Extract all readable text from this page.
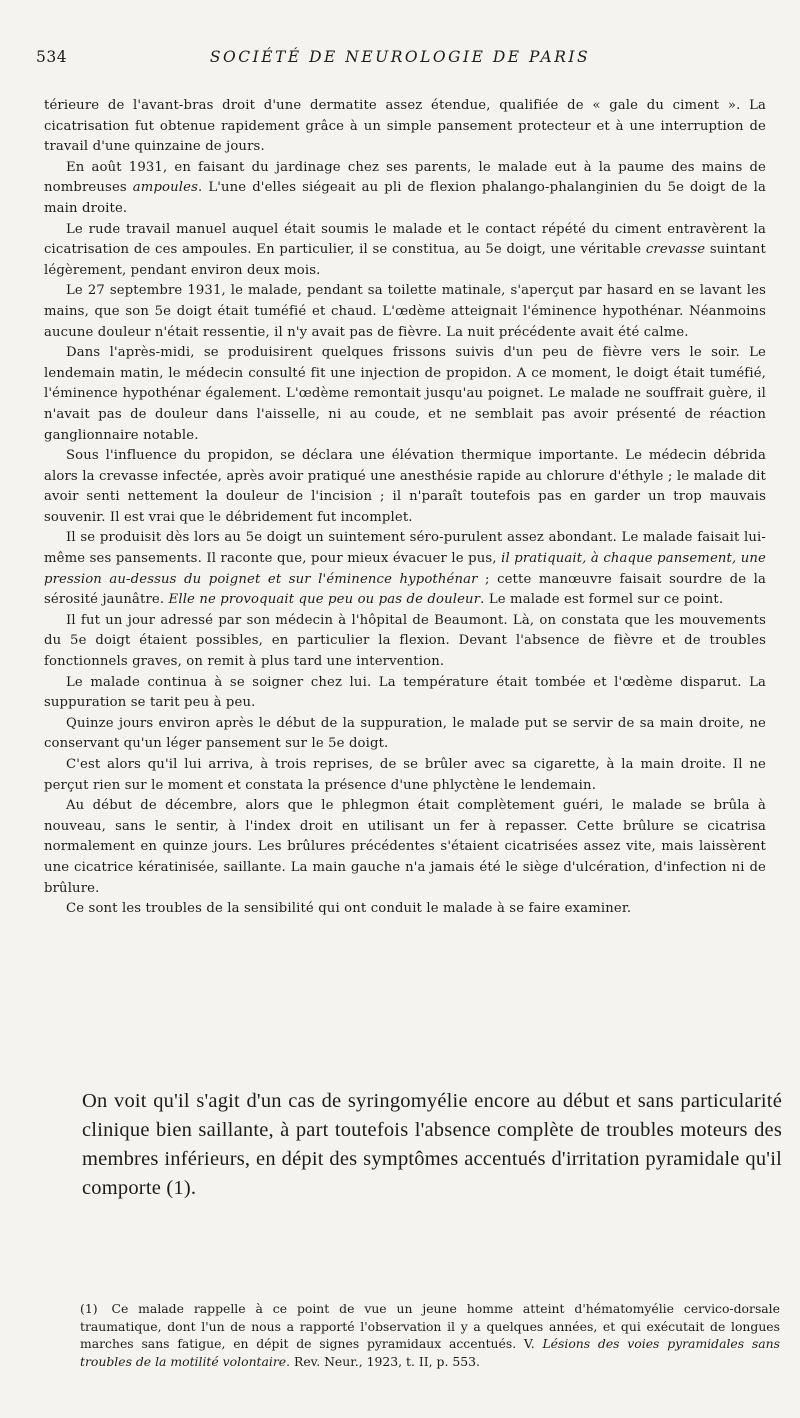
534	SOCIÉTÉ DE NEUROLOGIE DE PARIS

térieure de l'avant-bras droit d'une dermatite assez étendue, qualifiée de « gale du ciment ». La cicatrisation fut obtenue rapidement grâce à un simple pansement protecteur et à une interruption de travail d'une quinzaine de jours.

En août 1931, en faisant du jardinage chez ses parents, le malade eut à la paume des mains de nombreuses ampoules. L'une d'elles siégeait au pli de flexion phalango-phalanginien du 5e doigt de la main droite.

Le rude travail manuel auquel était soumis le malade et le contact répété du ciment entravèrent la cicatrisation de ces ampoules. En particulier, il se constitua, au 5e doigt, une véritable crevasse suintant légèrement, pendant environ deux mois.

Le 27 septembre 1931, le malade, pendant sa toilette matinale, s'aperçut par hasard en se lavant les mains, que son 5e doigt était tuméfié et chaud. L'œdème atteignait l'éminence hypothénar. Néanmoins aucune douleur n'était ressentie, il n'y avait pas de fièvre. La nuit précédente avait été calme.

Dans l'après-midi, se produisirent quelques frissons suivis d'un peu de fièvre vers le soir. Le lendemain matin, le médecin consulté fit une injection de propidon. A ce moment, le doigt était tuméfié, l'éminence hypothénar également. L'œdème remontait jusqu'au poignet. Le malade ne souffrait guère, il n'avait pas de douleur dans l'aisselle, ni au coude, et ne semblait pas avoir présenté de réaction ganglionnaire notable.

Sous l'influence du propidon, se déclara une élévation thermique importante. Le médecin débrida alors la crevasse infectée, après avoir pratiqué une anesthésie rapide au chlorure d'éthyle ; le malade dit avoir senti nettement la douleur de l'incision ; il n'paraît toutefois pas en garder un trop mauvais souvenir. Il est vrai que le débridement fut incomplet.

Il se produisit dès lors au 5e doigt un suintement séro-purulent assez abondant. Le malade faisait lui-même ses pansements. Il raconte que, pour mieux évacuer le pus, il pratiquait, à chaque pansement, une pression au-dessus du poignet et sur l'éminence hypothénar ; cette manœuvre faisait sourdre de la sérosité jaunâtre. Elle ne provoquait que peu ou pas de douleur. Le malade est formel sur ce point.

Il fut un jour adressé par son médecin à l'hôpital de Beaumont. Là, on constata que les mouvements du 5e doigt étaient possibles, en particulier la flexion. Devant l'absence de fièvre et de troubles fonctionnels graves, on remit à plus tard une intervention.

Le malade continua à se soigner chez lui. La température était tombée et l'œdème disparut. La suppuration se tarit peu à peu.

Quinze jours environ après le début de la suppuration, le malade put se servir de sa main droite, ne conservant qu'un léger pansement sur le 5e doigt.

C'est alors qu'il lui arriva, à trois reprises, de se brûler avec sa cigarette, à la main droite. Il ne perçut rien sur le moment et constata la présence d'une phlyctène le lendemain.

Au début de décembre, alors que le phlegmon était complètement guéri, le malade se brûla à nouveau, sans le sentir, à l'index droit en utilisant un fer à repasser. Cette brûlure se cicatrisa normalement en quinze jours. Les brûlures précédentes s'étaient cicatrisées assez vite, mais laissèrent une cicatrice kératinisée, saillante. La main gauche n'a jamais été le siège d'ulcération, d'infection ni de brûlure.

Ce sont les troubles de la sensibilité qui ont conduit le malade à se faire examiner.

On voit qu'il s'agit d'un cas de syringomyélie encore au début et sans particularité clinique bien saillante, à part toutefois l'absence complète de troubles moteurs des membres inférieurs, en dépit des symptômes accentués d'irritation pyramidale qu'il comporte (1).

(1) Ce malade rappelle à ce point de vue un jeune homme atteint d'hématomyélie cervico-dorsale traumatique, dont l'un de nous a rapporté l'observation il y a quelques années, et qui exécutait de longues marches sans fatigue, en dépit de signes pyramidaux accentués. V. Lésions des voies pyramidales sans troubles de la motilité volontaire. Rev. Neur., 1923, t. II, p. 553.
